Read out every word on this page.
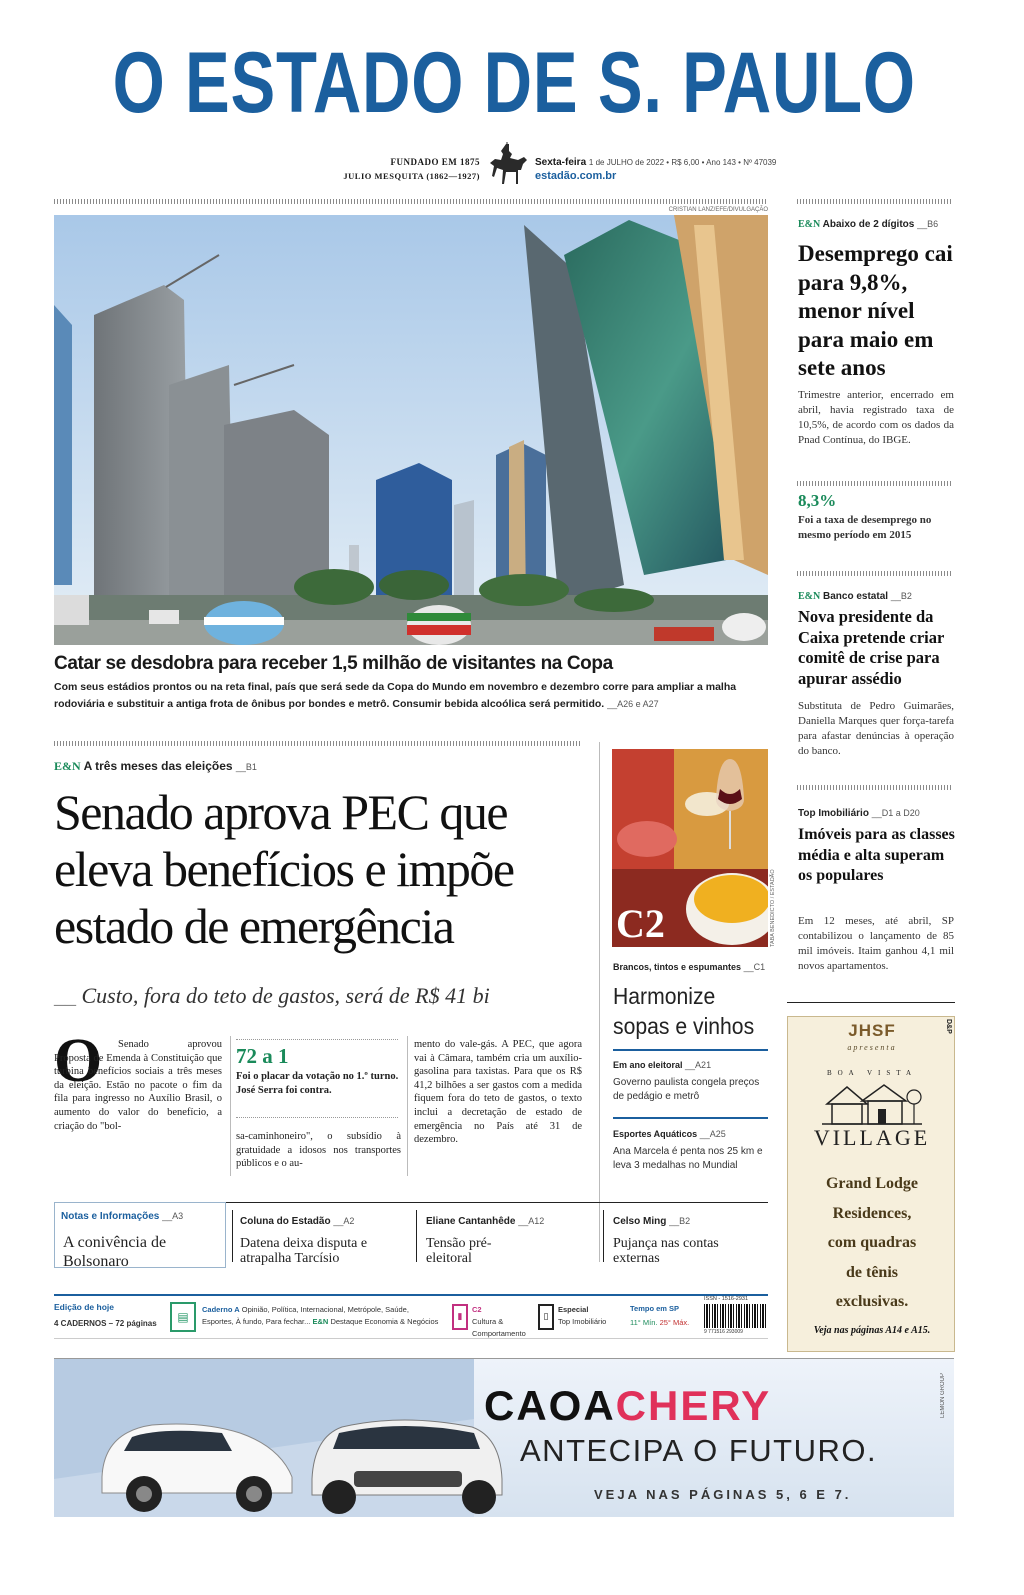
O ESTADO DE S. PAULO
FUNDADO EM 1875
JULIO MESQUITA (1862—1927)
Sexta-feira 1 de JULHO de 2022 • R$ 6,00 • Ano 143 • Nº 47039
estadão.com.br
CRISTIAN LANZ/EFE/DIVULGAÇÃO
Catar se desdobra para receber 1,5 milhão de visitantes na Copa
Com seus estádios prontos ou na reta final, país que será sede da Copa do Mundo em novembro e dezembro corre para ampliar a malha rodoviária e substituir a antiga frota de ônibus por bondes e metrô. Consumir bebida alcoólica será permitido. __A26 e A27
E&N Abaixo de 2 dígitos __B6
Desemprego cai para 9,8%, menor nível para maio em sete anos
Trimestre anterior, encerrado em abril, havia registrado taxa de 10,5%, de acordo com os dados da Pnad Contínua, do IBGE.
8,3%
Foi a taxa de desemprego no mesmo período em 2015
E&N Banco estatal __B2
Nova presidente da Caixa pretende criar comitê de crise para apurar assédio
Substituta de Pedro Guimarães, Daniella Marques quer força-tarefa para afastar denúncias à operação do banco.
Top Imobiliário __D1 a D20
Imóveis para as classes média e alta superam os populares
Em 12 meses, até abril, SP contabilizou o lançamento de 85 mil imóveis. Itaim ganhou 4,1 mil novos apartamentos.
E&N A três meses das eleições __B1
Senado aprova PEC que eleva benefícios e impõe estado de emergência
__ Custo, fora do teto de gastos, será de R$ 41 bi
O	Senado aprovou Proposta de Emenda à Constituição que turbina benefícios sociais a três meses da eleição. Estão no pacote o fim da fila para ingresso no Auxílio Brasil, o aumento do valor do benefício, a criação do "bol-
72 a 1
Foi o placar da votação no 1.º turno. José Serra foi contra.
sa-caminhoneiro", o subsídio à gratuidade a idosos nos transportes públicos e o au-
mento do vale-gás. A PEC, que agora vai à Câmara, também cria um auxílio-gasolina para taxistas. Para que os R$ 41,2 bilhões a ser gastos com a medida fiquem fora do teto de gastos, o texto inclui a decretação de estado de emergência no País até 31 de dezembro.
C2	TABA BENEDICTO / ESTADÃO
Brancos, tintos e espumantes __C1
Harmonize sopas e vinhos
Em ano eleitoral __A21
Governo paulista congela preços de pedágio e metrô
Esportes Aquáticos __A25
Ana Marcela é penta nos 25 km e leva 3 medalhas no Mundial
Notas e Informações __A3
A conivência de Bolsonaro
Coluna do Estadão __A2
Datena deixa disputa e atrapalha Tarcísio
Eliane Cantanhêde __A12
Tensão pré-eleitoral
Celso Ming __B2
Pujança nas contas externas
Edição de hoje
4 CADERNOS – 72 páginas	▤
Caderno A Opinião, Política, Internacional, Metrópole, Saúde, Esportes, À fundo, Para fechar... E&N Destaque Economia & Negócios	▮
C2
Cultura & Comportamento
▯
Especial
Top Imobiliário
Tempo em SP
11° Mín. 25° Máx.
ISSN - 1516-2931
9 771516 293009
JHSF	D&P
apresenta
BOA VISTA
VILLAGE
Grand Lodge
Residences,
com quadras
de tênis
exclusivas.
Veja nas páginas A14 e A15.
CAOACHERY
ANTECIPA O FUTURO.
VEJA NAS PÁGINAS 5, 6 E 7.
LEMON GROUP
